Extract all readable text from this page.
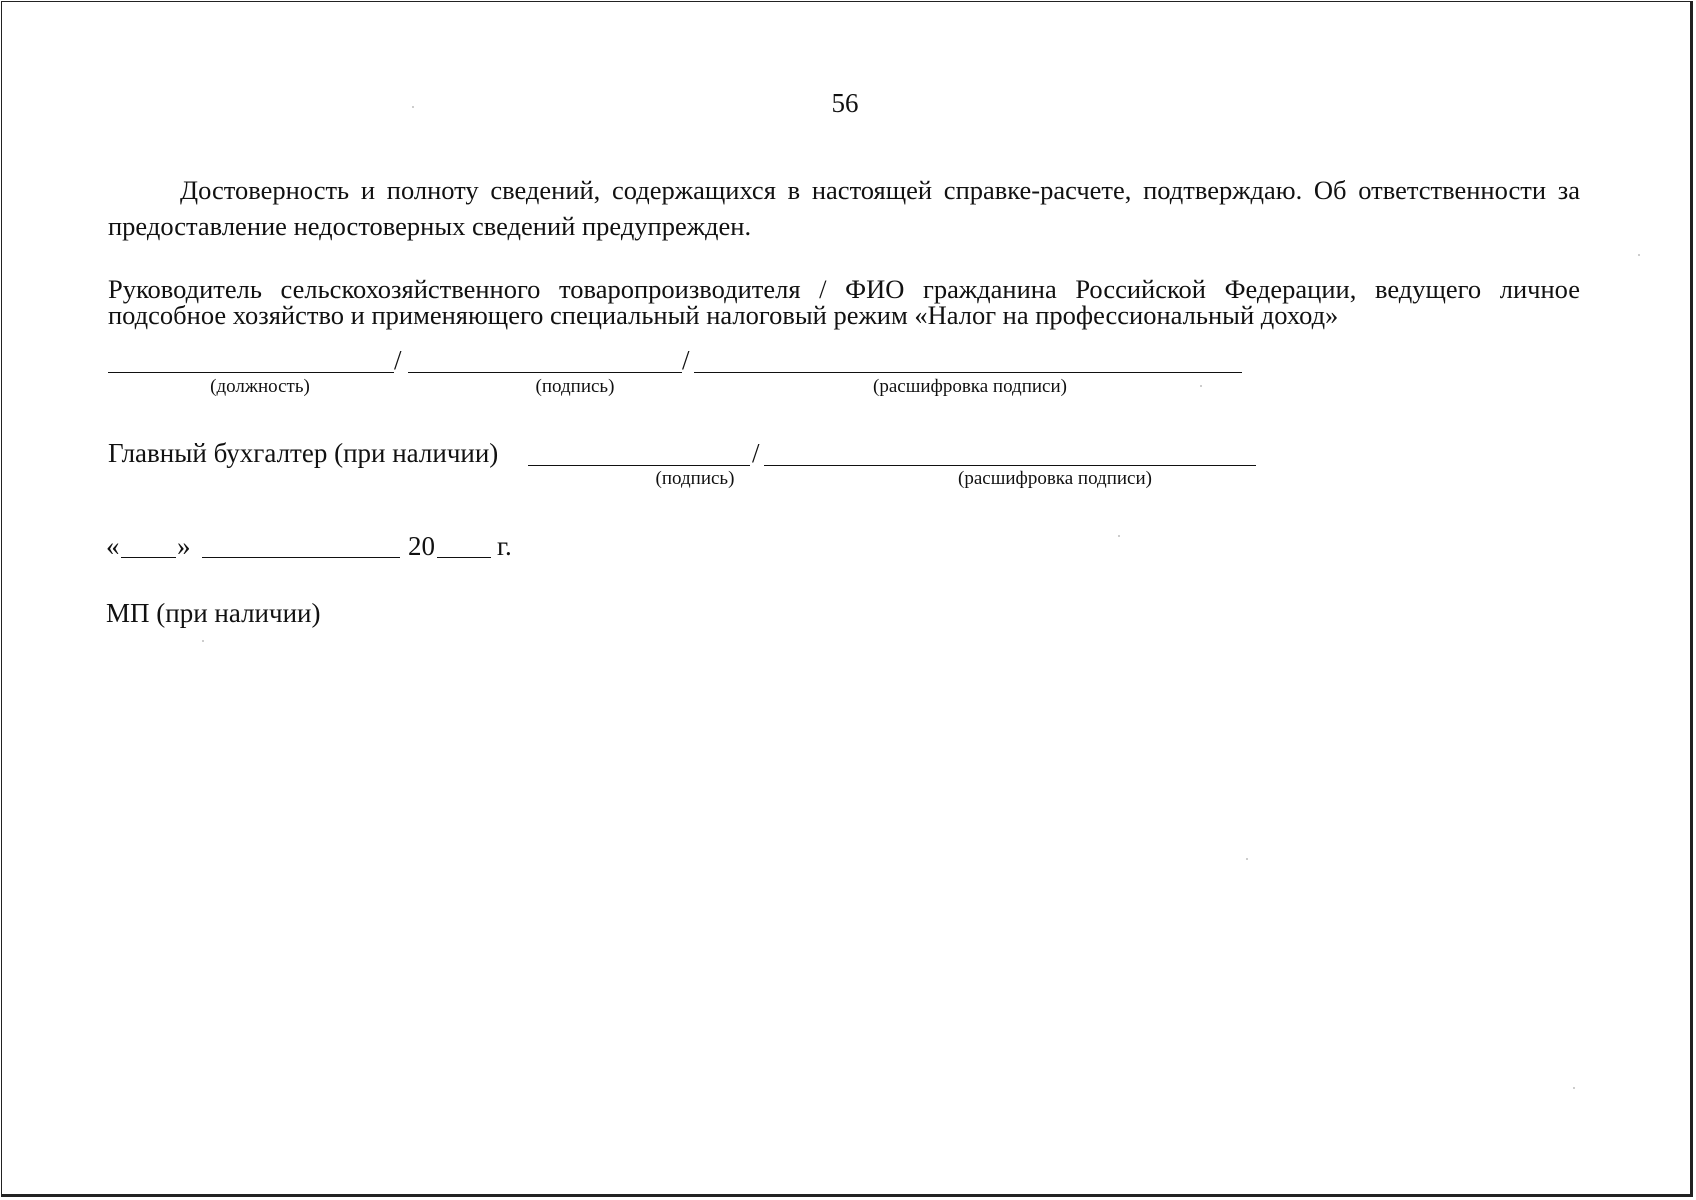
56

Достоверность и полноту сведений, содержащихся в настоящей справке-расчете, подтверждаю. Об ответственности за предоставление недостоверных сведений предупрежден.

Руководитель сельскохозяйственного товаропроизводителя / ФИО гражданина Российской Федерации, ведущего личное подсобное хозяйство и применяющего специальный налоговый режим «Налог на профессиональный доход»

/	/
(должность)	(подпись)	(расшифровка подписи)
Главный бухгалтер (при наличии)	/
(подпись)	(расшифровка подписи)
« »	20 г.
МП (при наличии)
